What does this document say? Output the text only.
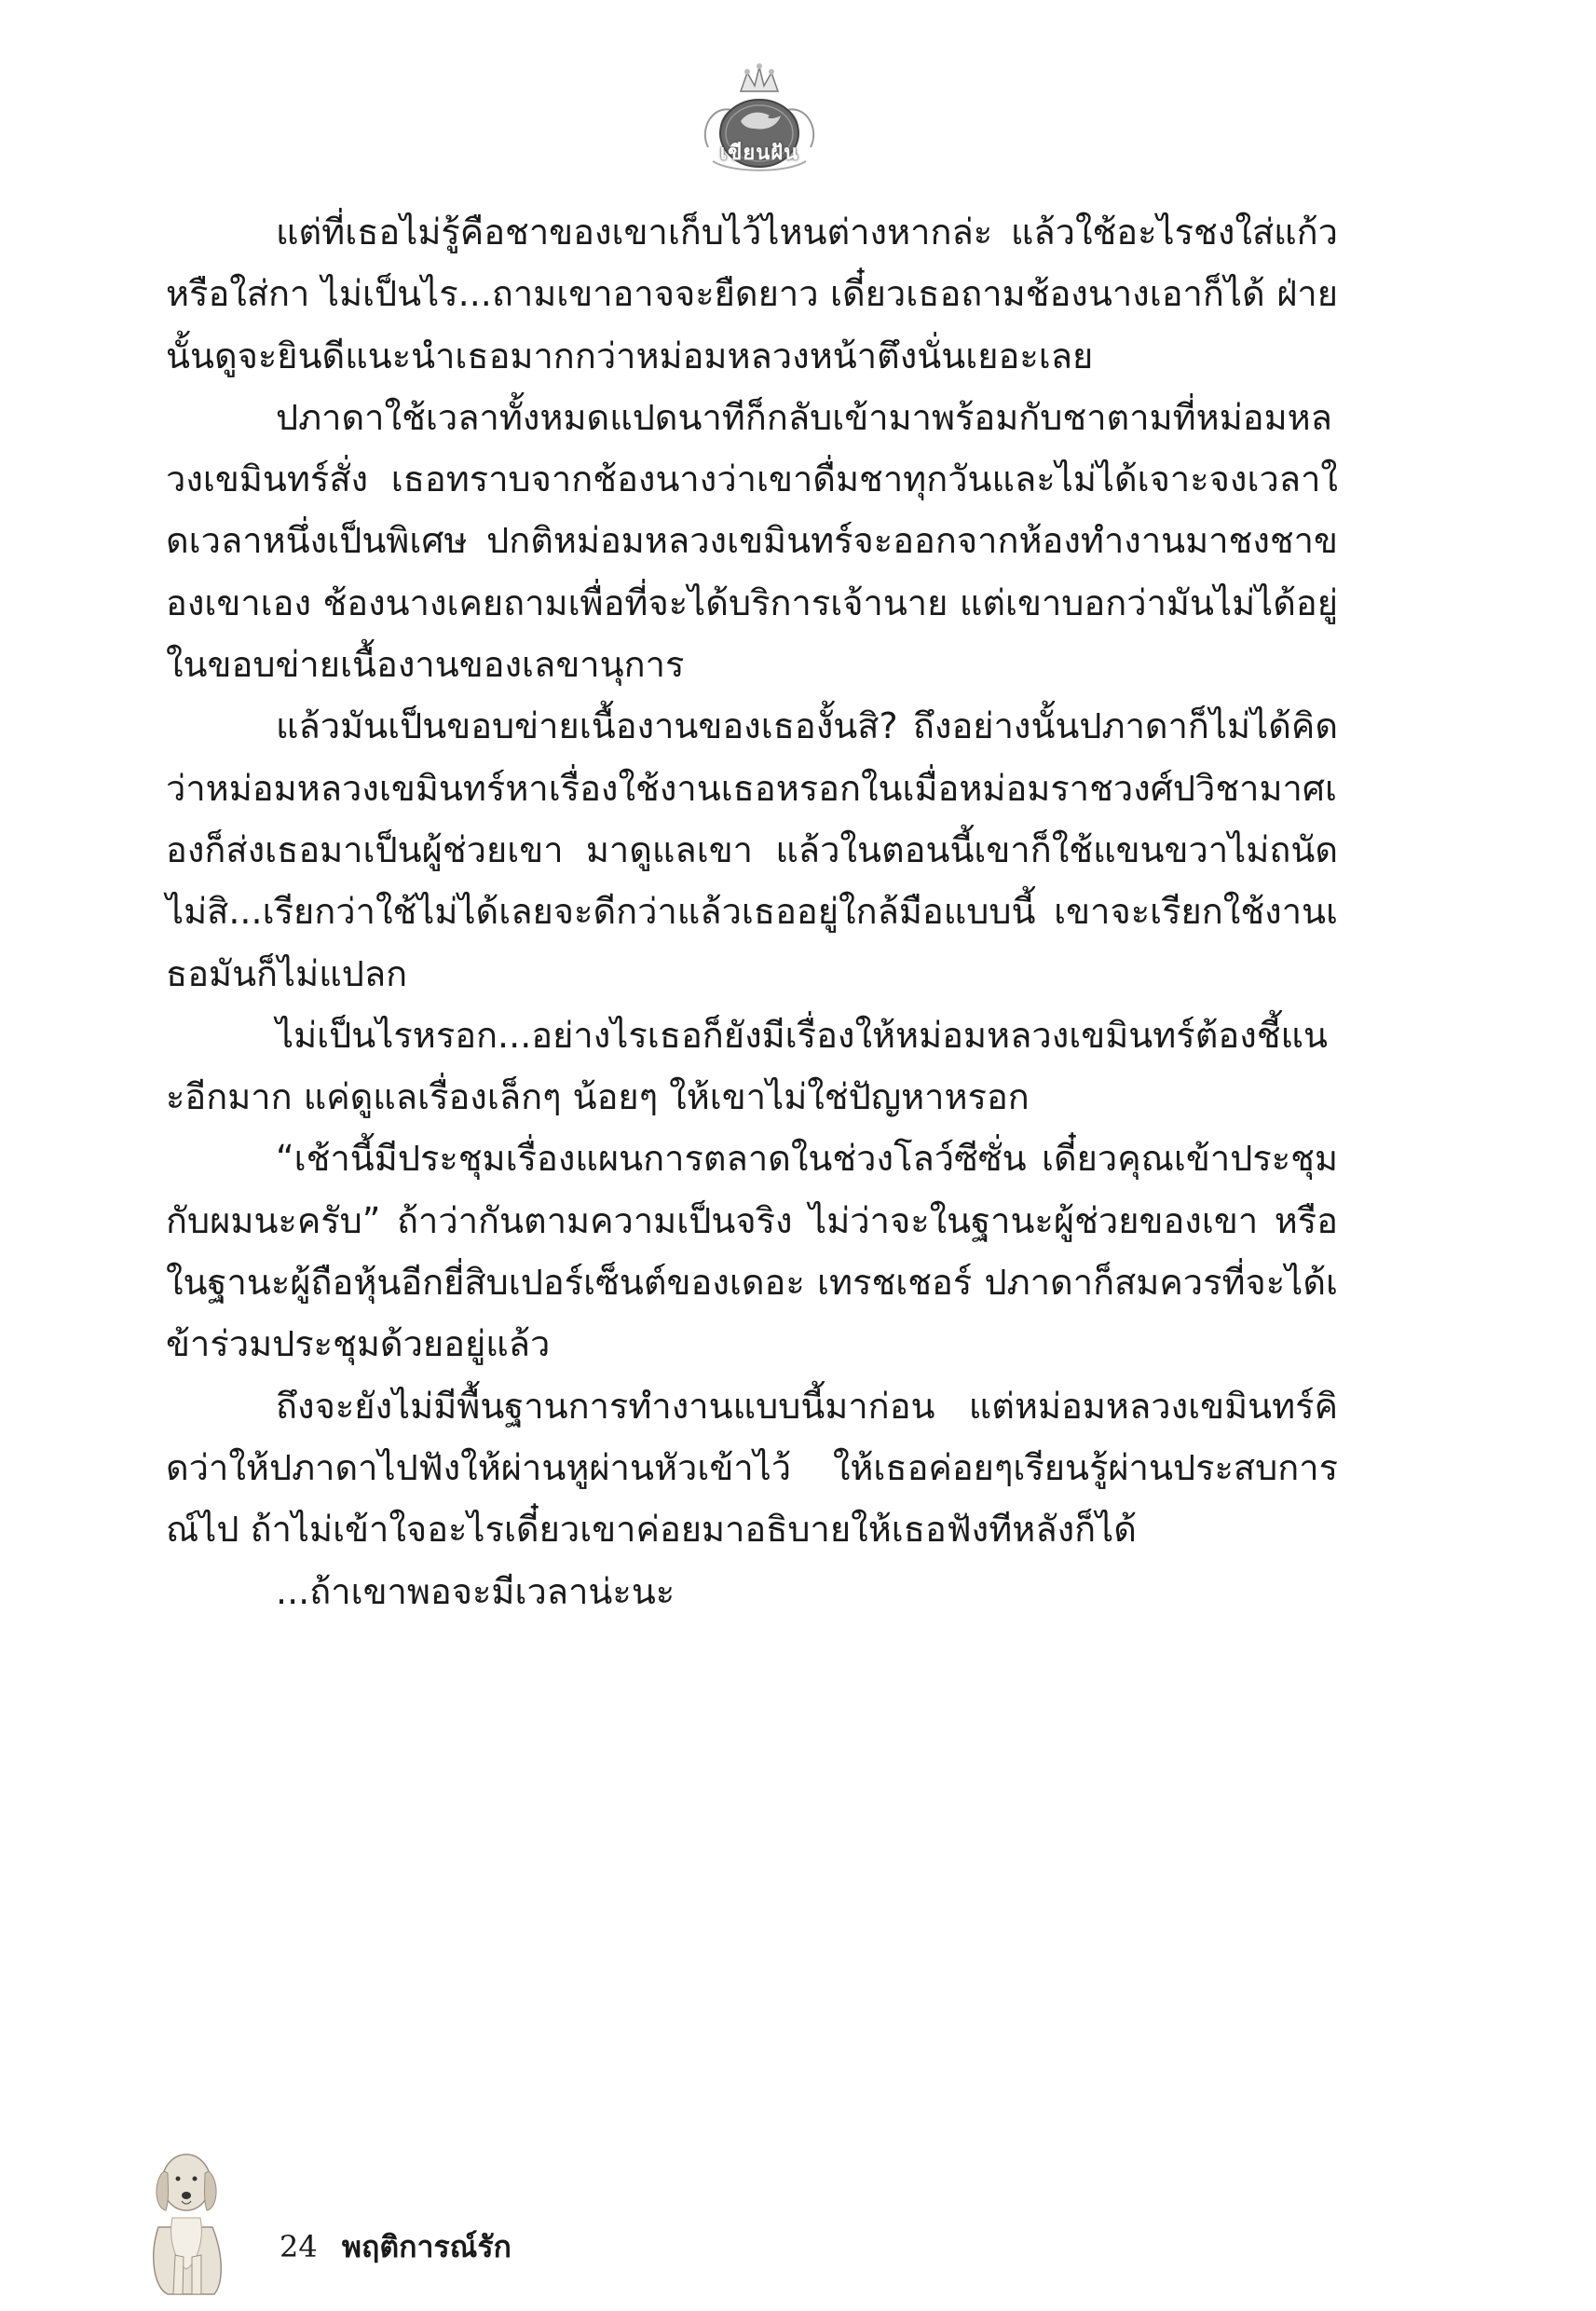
เขียนฝัน

แต่ที่เธอไม่รู้คือชาของเขาเก็บไว้ไหนต่างหากล่ะ แล้วใช้อะไรชงใส่แก้วหรือใส่กา ไม่เป็นไร...ถามเขาอาจจะยืดยาว เดี๋ยวเธอถามช้องนางเอาก็ได้ ฝ่ายนั้นดูจะยินดีแนะนำเธอมากกว่าหม่อมหลวงหน้าตึงนั่นเยอะเลย

ปภาดาใช้เวลาทั้งหมดแปดนาทีก็กลับเข้ามาพร้อมกับชาตามที่หม่อมหลวงเขมินทร์สั่ง เธอทราบจากช้องนางว่าเขาดื่มชาทุกวันและไม่ได้เจาะจงเวลาใดเวลาหนึ่งเป็นพิเศษ ปกติหม่อมหลวงเขมินทร์จะออกจากห้องทำงานมาชงชาของเขาเอง ช้องนางเคยถามเพื่อที่จะได้บริการเจ้านาย แต่เขาบอกว่ามันไม่ได้อยู่ในขอบข่ายเนื้องานของเลขานุการ

แล้วมันเป็นขอบข่ายเนื้องานของเธองั้นสิ? ถึงอย่างนั้นปภาดาก็ไม่ได้คิดว่าหม่อมหลวงเขมินทร์หาเรื่องใช้งานเธอหรอกในเมื่อหม่อมราชวงศ์ปวิชามาศเองก็ส่งเธอมาเป็นผู้ช่วยเขา มาดูแลเขา แล้วในตอนนี้เขาก็ใช้แขนขวาไม่ถนัด ไม่สิ...เรียกว่าใช้ไม่ได้เลยจะดีกว่าแล้วเธออยู่ใกล้มือแบบนี้ เขาจะเรียกใช้งานเธอมันก็ไม่แปลก

ไม่เป็นไรหรอก...อย่างไรเธอก็ยังมีเรื่องให้หม่อมหลวงเขมินทร์ต้องชี้แนะอีกมาก แค่ดูแลเรื่องเล็กๆ น้อยๆ ให้เขาไม่ใช่ปัญหาหรอก

“เช้านี้มีประชุมเรื่องแผนการตลาดในช่วงโลว์ซีซั่น เดี๋ยวคุณเข้าประชุมกับผมนะครับ” ถ้าว่ากันตามความเป็นจริง ไม่ว่าจะในฐานะผู้ช่วยของเขา หรือในฐานะผู้ถือหุ้นอีกยี่สิบเปอร์เซ็นต์ของเดอะ เทรชเชอร์ ปภาดาก็สมควรที่จะได้เข้าร่วมประชุมด้วยอยู่แล้ว

ถึงจะยังไม่มีพื้นฐานการทำงานแบบนี้มาก่อน แต่หม่อมหลวงเขมินทร์คิดว่าให้ปภาดาไปฟังให้ผ่านหูผ่านหัวเข้าไว้ ให้เธอค่อยๆเรียนรู้ผ่านประสบการณ์ไป ถ้าไม่เข้าใจอะไรเดี๋ยวเขาค่อยมาอธิบายให้เธอฟังทีหลังก็ได้

...ถ้าเขาพอจะมีเวลาน่ะนะ

24 พฤติการณ์รัก
